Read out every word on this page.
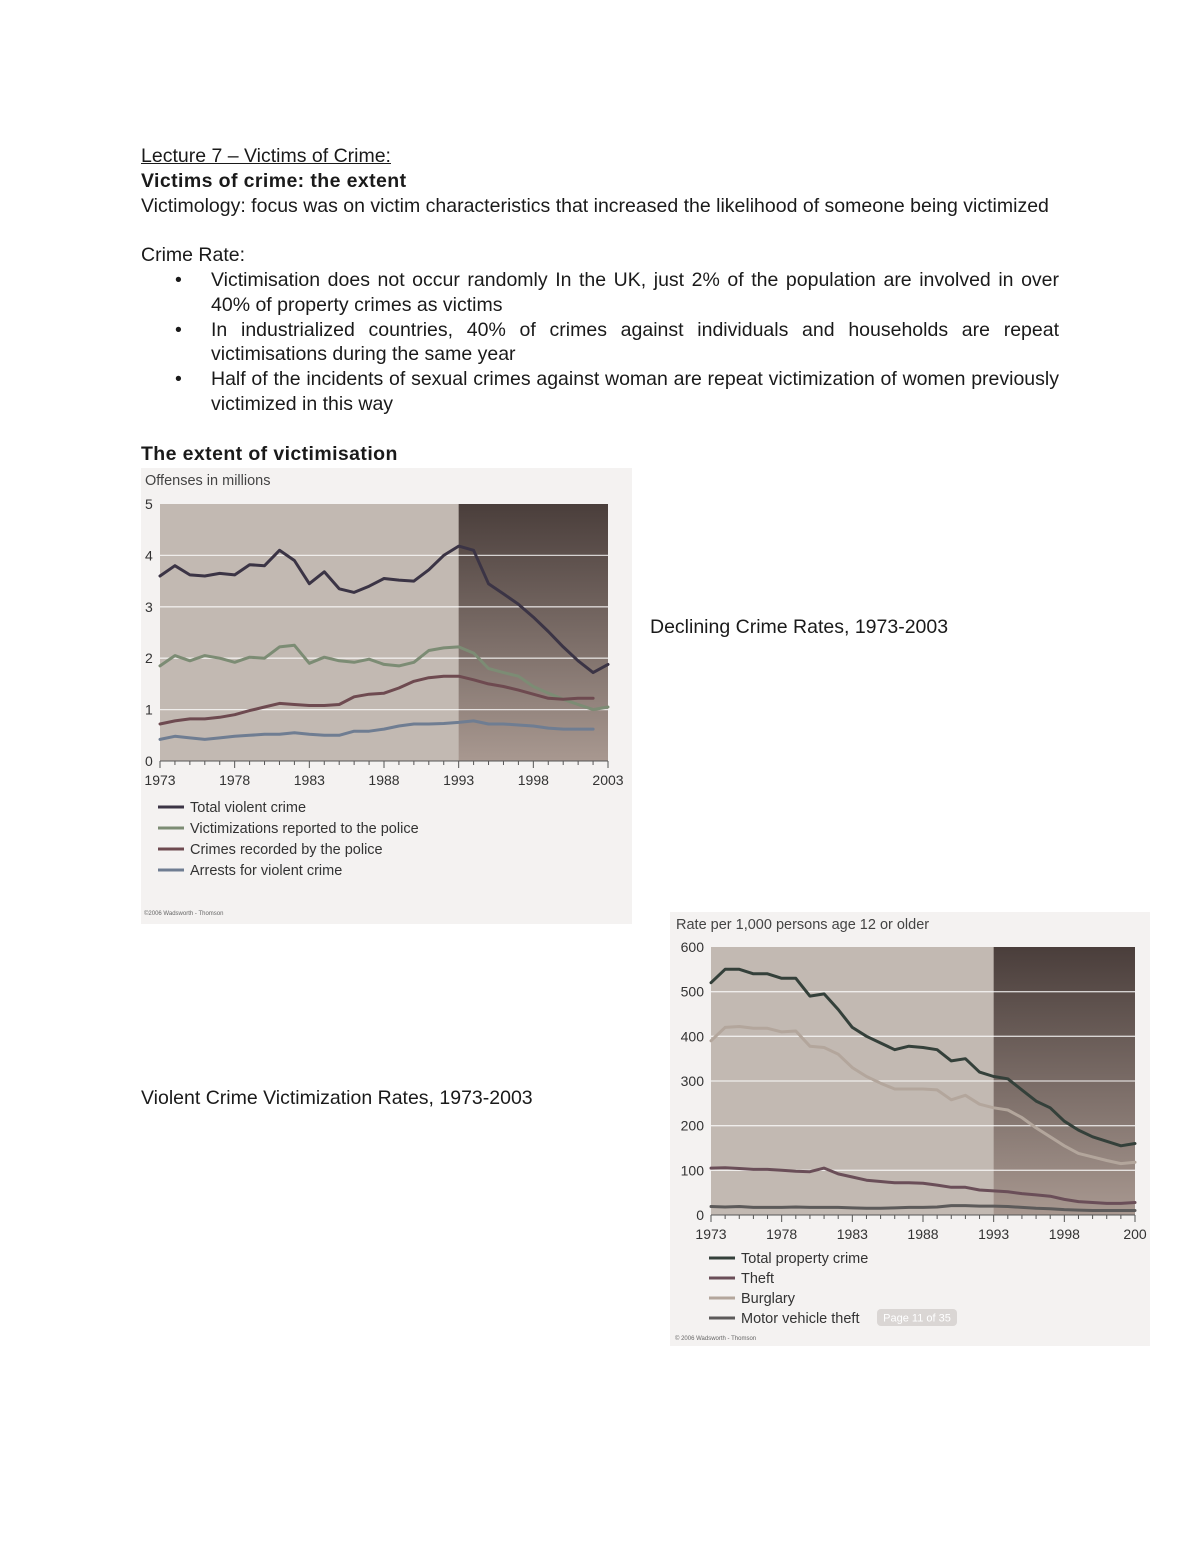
Lecture 7 – Victims of Crime:
Victims of crime: the extent
Victimology: focus was on victim characteristics that increased the likelihood of someone being victimized
Crime Rate:
• Victimisation does not occur randomly In the UK, just 2% of the population are involved in over 40% of property crimes as victims
• In industrialized countries, 40% of crimes against individuals and households are repeat victimisations during the same year
• Half of the incidents of sexual crimes against woman are repeat victimization of women previously victimized in this way
The extent of victimisation
0
1
2
3
4
5
1973	1978	1983	1988	1993	1998	2003
Offenses in millions
Total violent crime
Victimizations reported to the police
Crimes recorded by the police
Arrests for violent crime
©2006 Wadsworth - Thomson
Declining Crime Rates, 1973-2003
0
100
200
300
400
500
600
1973	1978	1983	1988	1993	1998	200
Rate per 1,000 persons age 12 or older
Total property crime
Theft
Burglary
Motor vehicle theft
© 2006 Wadsworth - Thomson
Page 11 of 35
Violent Crime Victimization Rates, 1973-2003
